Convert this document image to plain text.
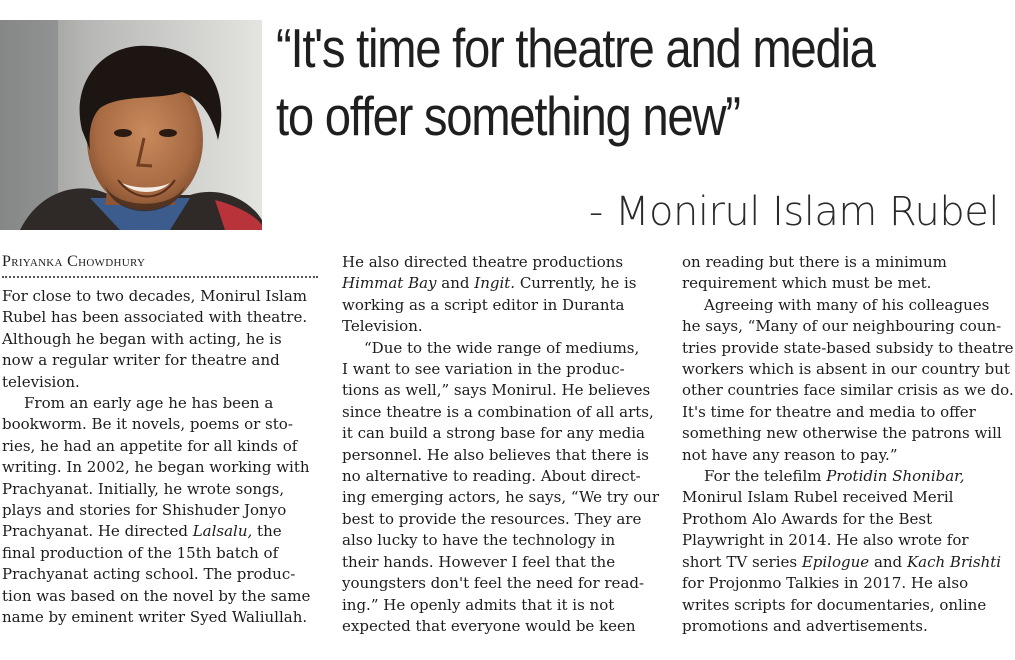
“It's time for theatre and media
to offer something new”
- Monirul Islam Rubel
Priyanka Chowdhury

For close to two decades, Monirul Islam
Rubel has been associated with theatre.
Although he began with acting, he is
now a regular writer for theatre and
television.

From an early age he has been a
bookworm. Be it novels, poems or sto-
ries, he had an appetite for all kinds of
writing. In 2002, he began working with
Prachyanat. Initially, he wrote songs,
plays and stories for Shishuder Jonyo
Prachyanat. He directed Lalsalu, the
final production of the 15th batch of
Prachyanat acting school. The produc-
tion was based on the novel by the same
name by eminent writer Syed Waliullah.

He also directed theatre productions
Himmat Bay and Ingit. Currently, he is
working as a script editor in Duranta
Television.

“Due to the wide range of mediums,
I want to see variation in the produc-
tions as well,” says Monirul. He believes
since theatre is a combination of all arts,
it can build a strong base for any media
personnel. He also believes that there is
no alternative to reading. About direct-
ing emerging actors, he says, “We try our
best to provide the resources. They are
also lucky to have the technology in
their hands. However I feel that the
youngsters don't feel the need for read-
ing.” He openly admits that it is not
expected that everyone would be keen

on reading but there is a minimum
requirement which must be met.

Agreeing with many of his colleagues
he says, “Many of our neighbouring coun-
tries provide state-based subsidy to theatre
workers which is absent in our country but
other countries face similar crisis as we do.
It's time for theatre and media to offer
something new otherwise the patrons will
not have any reason to pay.”

For the telefilm Protidin Shonibar,
Monirul Islam Rubel received Meril
Prothom Alo Awards for the Best
Playwright in 2014. He also wrote for
short TV series Epilogue and Kach Brishti
for Projonmo Talkies in 2017. He also
writes scripts for documentaries, online
promotions and advertisements.
